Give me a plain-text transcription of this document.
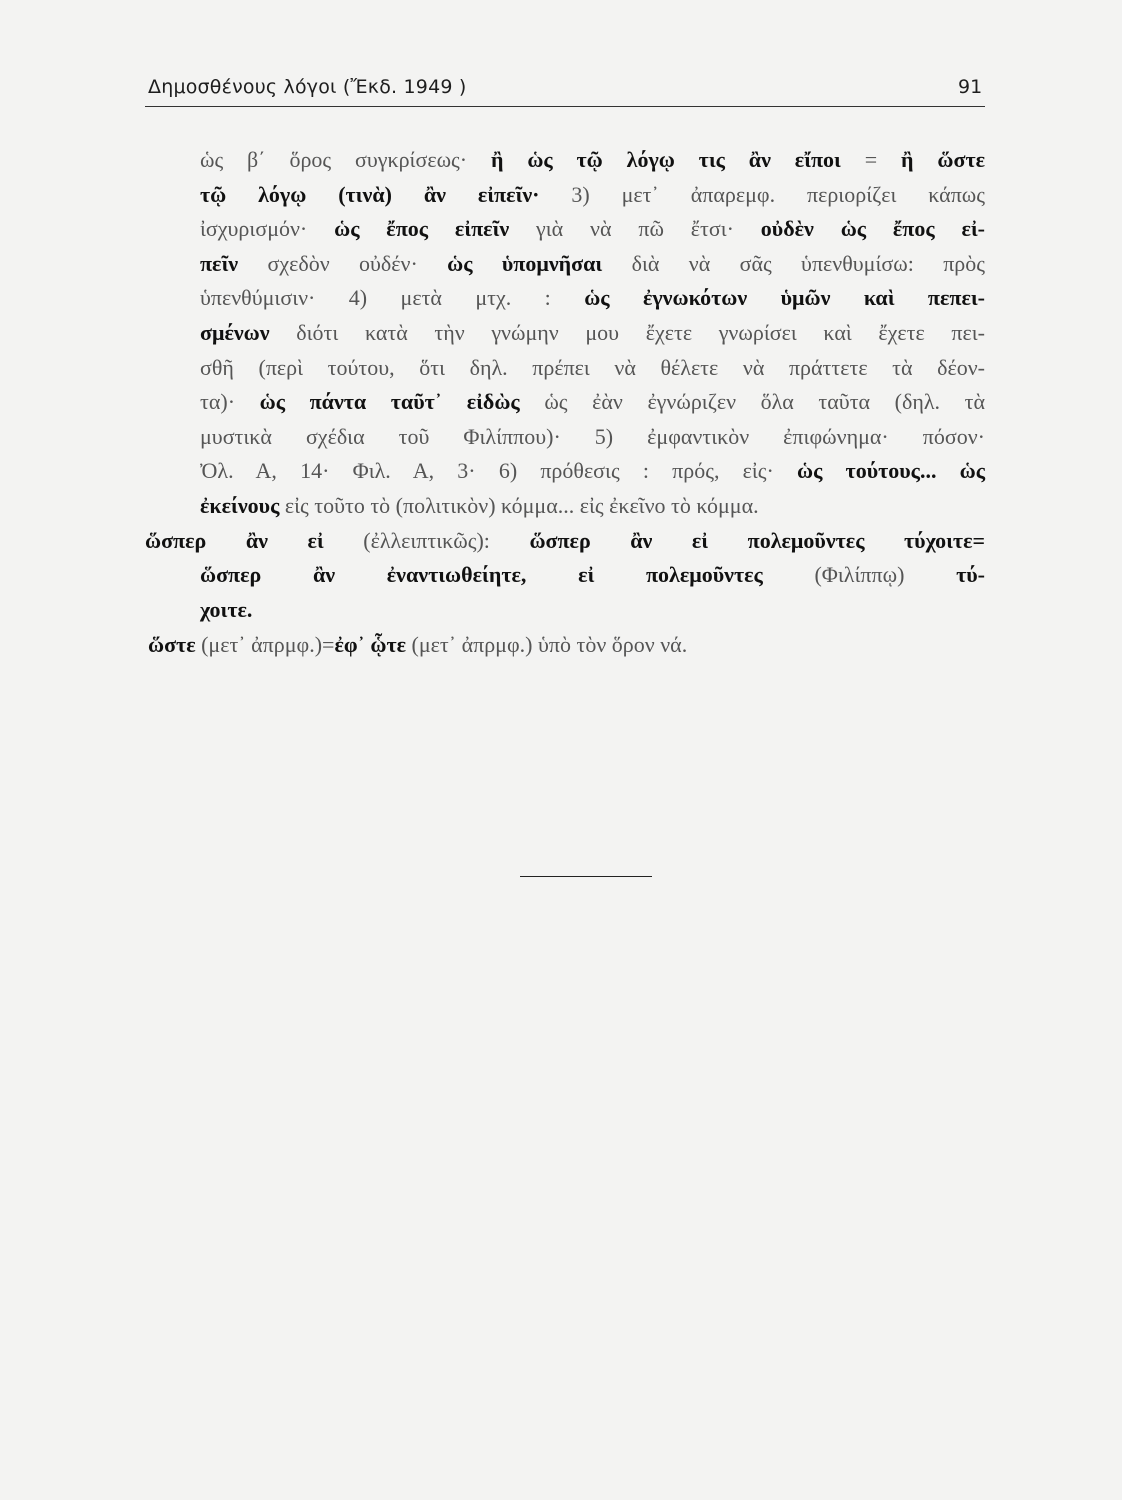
Δημοσθένους λόγοι (Ἔκδ. 1949 )	91
ὡς β΄ ὅρος συγκρίσεως· ἢ ὡς τῷ λόγῳ τις ἂν εἴποι = ἢ ὥστε
τῷ λόγῳ (τινὰ) ἂν εἰπεῖν· 3) μετ᾽ ἀπαρεμφ. περιορίζει κάπως
ἰσχυρισμόν· ὡς ἔπος εἰπεῖν γιὰ νὰ πῶ ἔτσι· οὐδὲν ὡς ἔπος εἰ-
πεῖν σχεδὸν οὐδέν· ὡς ὑπομνῆσαι διὰ νὰ σᾶς ὑπενθυμίσω: πρὸς
ὑπενθύμισιν· 4) μετὰ μτχ. : ὡς ἐγνωκότων ὑμῶν καὶ πεπει-
σμένων διότι κατὰ τὴν γνώμην μου ἔχετε γνωρίσει καὶ ἔχετε πει-
σθῆ (περὶ τούτου, ὅτι δηλ. πρέπει νὰ θέλετε νὰ πράττετε τὰ δέον-
τα)· ὡς πάντα ταῦτ᾽ εἰδὼς ὡς ἐὰν ἐγνώριζεν ὅλα ταῦτα (δηλ. τὰ
μυστικὰ σχέδια τοῦ Φιλίππου)· 5) ἐμφαντικὸν ἐπιφώνημα· πόσον·
Ὀλ. Α, 14· Φιλ. Α, 3· 6) πρόθεσις : πρός, εἰς· ὡς τούτους... ὡς
ἐκείνους εἰς τοῦτο τὸ (πολιτικὸν) κόμμα... εἰς ἐκεῖνο τὸ κόμμα.
ὥσπερ ἂν εἰ (ἐλλειπτικῶς): ὥσπερ ἂν εἰ πολεμοῦντες τύχοιτε=
ὥσπερ ἂν ἐναντιωθείητε, εἰ πολεμοῦντες (Φιλίππῳ) τύ-
χοιτε.
ὥστε (μετ᾽ ἀπρμφ.)=ἐφ᾽ ᾧτε (μετ᾽ ἀπρμφ.) ὑπὸ τὸν ὅρον νά.
